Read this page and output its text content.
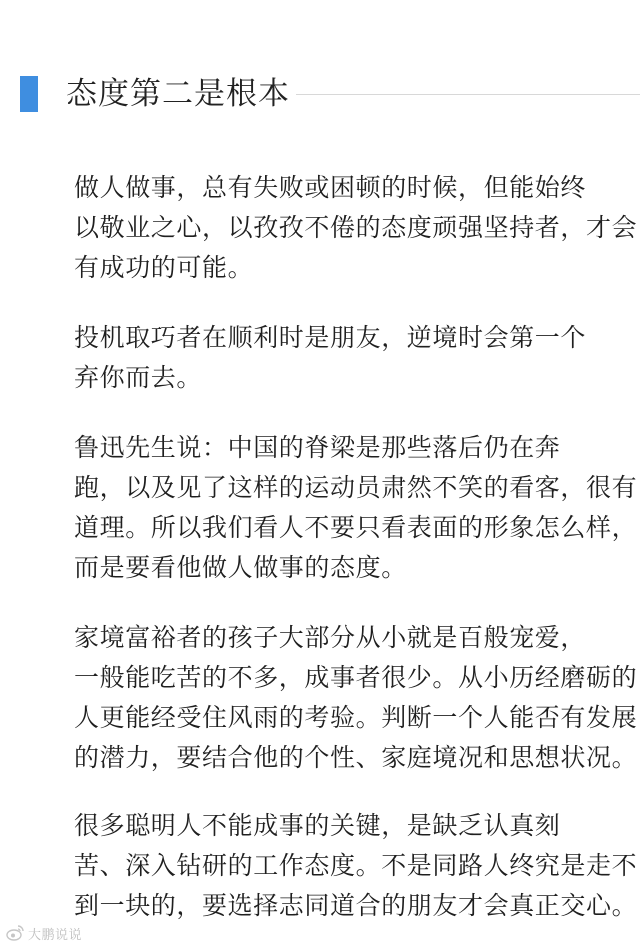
态度第二是根本

做人做事，总有失败或困顿的时候，但能始终
以敬业之心，以孜孜不倦的态度顽强坚持者，才会
有成功的可能。

投机取巧者在顺利时是朋友，逆境时会第一个
弃你而去。

鲁迅先生说：中国的脊梁是那些落后仍在奔
跑，以及见了这样的运动员肃然不笑的看客，很有
道理。所以我们看人不要只看表面的形象怎么样，
而是要看他做人做事的态度。

家境富裕者的孩子大部分从小就是百般宠爱，
一般能吃苦的不多，成事者很少。从小历经磨砺的
人更能经受住风雨的考验。判断一个人能否有发展
的潜力，要结合他的个性、家庭境况和思想状况。

很多聪明人不能成事的关键，是缺乏认真刻
苦、深入钻研的工作态度。不是同路人终究是走不
到一块的，要选择志同道合的朋友才会真正交心。

大鹏说说
